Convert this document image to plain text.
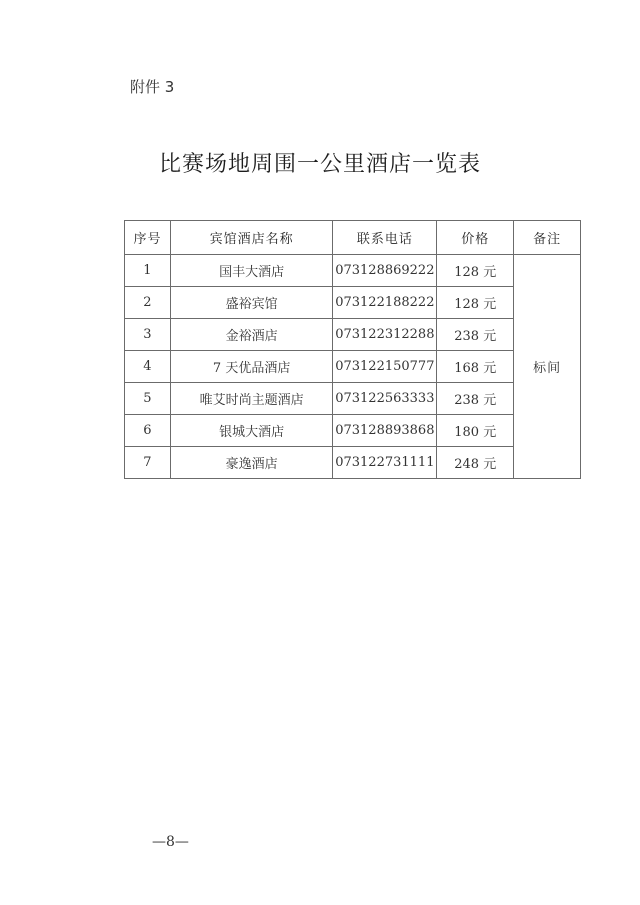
附件 3
比赛场地周围一公里酒店一览表
序号	宾馆酒店名称	联系电话	价格	备注
1	国丰大酒店	073128869222	128 元	标间
2	盛裕宾馆	073122188222	128 元	
3	金裕酒店	073122312288	238 元	
4	7 天优品酒店	073122150777	168 元	
5	唯艾时尚主题酒店	073122563333	238 元	
6	银城大酒店	073128893868	180 元	
7	豪逸酒店	073122731111	248 元	
—8—
